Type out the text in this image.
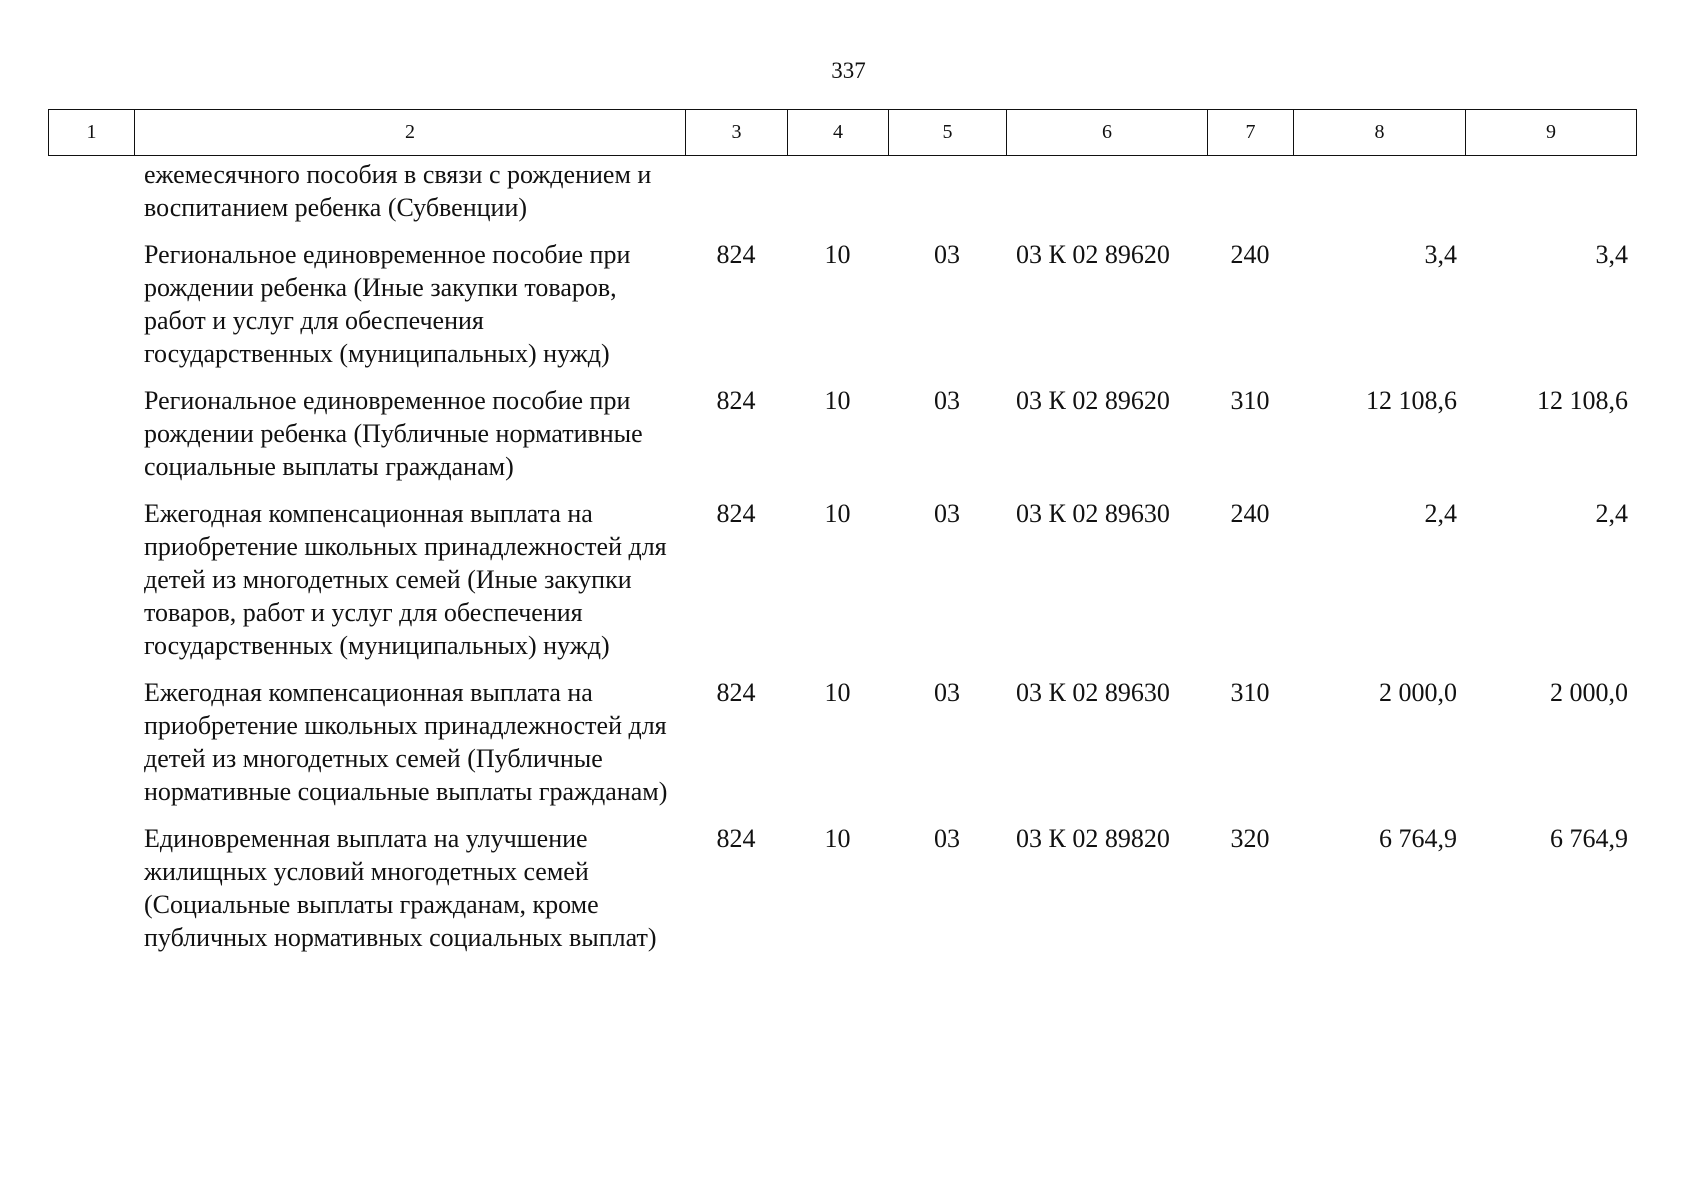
337
1	2	3	4	5	6	7	8	9
ежемесячного пособия в связи с рождением и воспитанием ребенка (Субвенции)							
Региональное единовременное пособие при рождении ребенка (Иные закупки товаров, работ и услуг для обеспечения государственных (муниципальных) нужд)	824	10	03	03 К 02 89620	240	3,4	3,4
Региональное единовременное пособие при рождении ребенка (Публичные нормативные социальные выплаты гражданам)	824	10	03	03 К 02 89620	310	12 108,6	12 108,6
Ежегодная компенсационная выплата на приобретение школьных принадлежностей для детей из многодетных семей (Иные закупки товаров, работ и услуг для обеспечения государственных (муниципальных) нужд)	824	10	03	03 К 02 89630	240	2,4	2,4
Ежегодная компенсационная выплата на приобретение школьных принадлежностей для детей из многодетных семей (Публичные нормативные социальные выплаты гражданам)	824	10	03	03 К 02 89630	310	2 000,0	2 000,0
Единовременная выплата на улучшение жилищных условий многодетных семей (Социальные выплаты гражданам, кроме публичных нормативных социальных выплат)	824	10	03	03 К 02 89820	320	6 764,9	6 764,9
